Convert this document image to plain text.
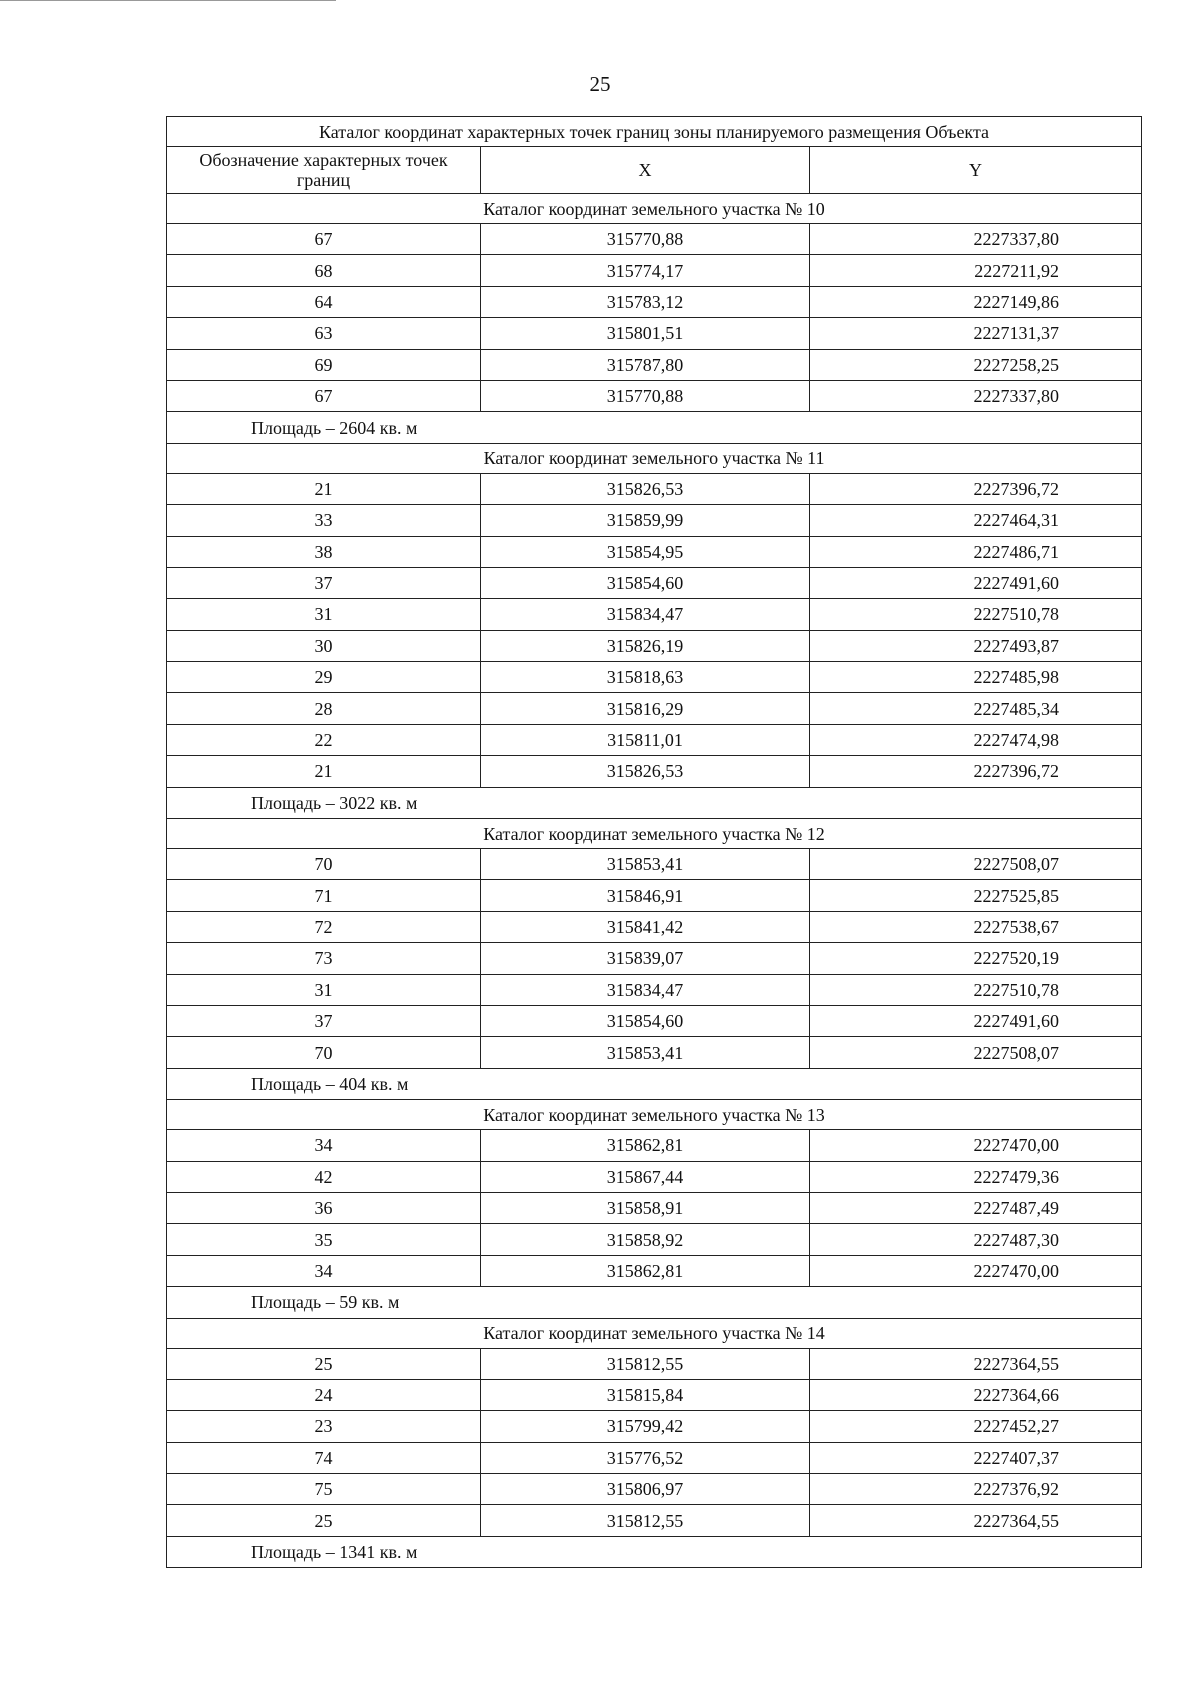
25
Каталог координат характерных точек границ зоны планируемого размещения Объекта		
Обозначение характерных точек границ	X	Y
Каталог координат земельного участка № 10		
67	315770,88	2227337,80
68	315774,17	2227211,92
64	315783,12	2227149,86
63	315801,51	2227131,37
69	315787,80	2227258,25
67	315770,88	2227337,80
Площадь – 2604 кв. м		
Каталог координат земельного участка № 11		
21	315826,53	2227396,72
33	315859,99	2227464,31
38	315854,95	2227486,71
37	315854,60	2227491,60
31	315834,47	2227510,78
30	315826,19	2227493,87
29	315818,63	2227485,98
28	315816,29	2227485,34
22	315811,01	2227474,98
21	315826,53	2227396,72
Площадь – 3022 кв. м		
Каталог координат земельного участка № 12		
70	315853,41	2227508,07
71	315846,91	2227525,85
72	315841,42	2227538,67
73	315839,07	2227520,19
31	315834,47	2227510,78
37	315854,60	2227491,60
70	315853,41	2227508,07
Площадь – 404 кв. м		
Каталог координат земельного участка № 13		
34	315862,81	2227470,00
42	315867,44	2227479,36
36	315858,91	2227487,49
35	315858,92	2227487,30
34	315862,81	2227470,00
Площадь – 59 кв. м		
Каталог координат земельного участка № 14		
25	315812,55	2227364,55
24	315815,84	2227364,66
23	315799,42	2227452,27
74	315776,52	2227407,37
75	315806,97	2227376,92
25	315812,55	2227364,55
Площадь – 1341 кв. м		
